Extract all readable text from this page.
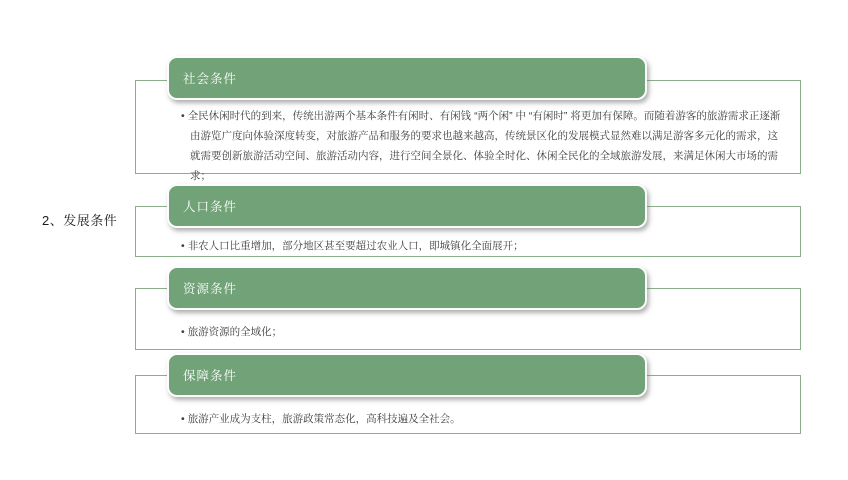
2、发展条件
• 全民休闲时代的到来，传统出游两个基本条件有闲时、有闲钱 “两个闲” 中 “有闲时” 将更加有保障。而随着游客的旅游需求正逐渐由游览广度向体验深度转变，对旅游产品和服务的要求也越来越高，传统景区化的发展模式显然难以满足游客多元化的需求，这就需要创新旅游活动空间、旅游活动内容，进行空间全景化、体验全时化、休闲全民化的全域旅游发展，来满足休闲大市场的需求；
社会条件
• 非农人口比重增加，部分地区甚至要超过农业人口，即城镇化全面展开；
人口条件
• 旅游资源的全域化；
资源条件
• 旅游产业成为支柱，旅游政策常态化，高科技遍及全社会。
保障条件
